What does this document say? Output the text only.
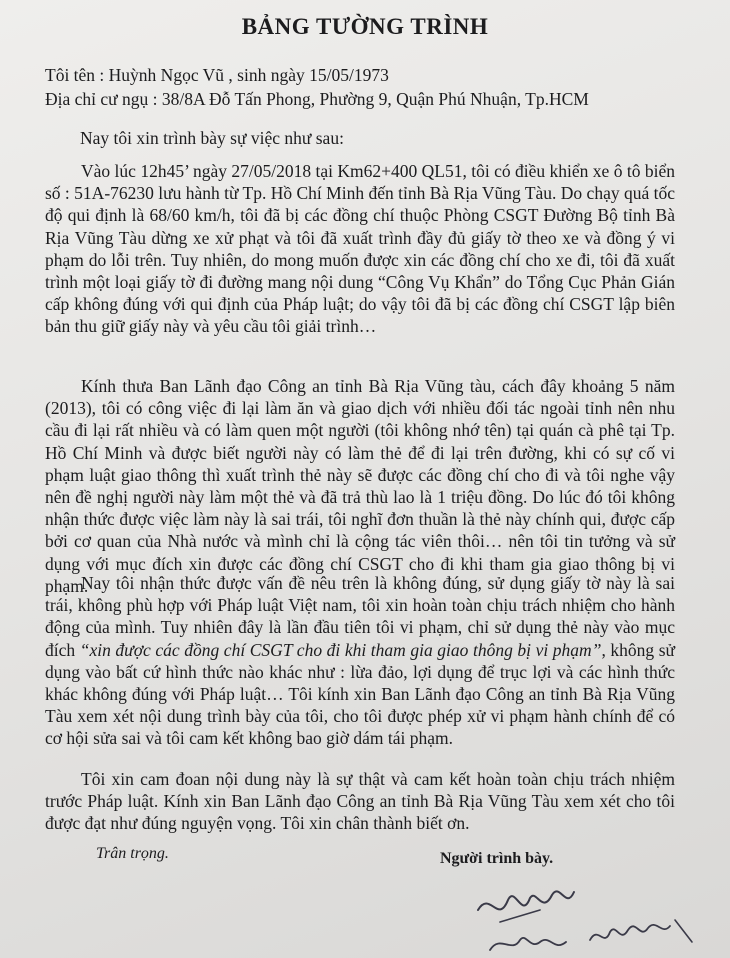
BẢNG TƯỜNG TRÌNH
Tôi tên : Huỳnh Ngọc Vũ , sinh ngày 15/05/1973
Địa chỉ cư ngụ : 38/8A Đỗ Tấn Phong, Phường 9, Quận Phú Nhuận, Tp.HCM
Nay tôi xin trình bày sự việc như sau:

Vào lúc 12h45’ ngày 27/05/2018 tại Km62+400 QL51, tôi có điều khiển xe ô tô biển số : 51A-76230 lưu hành từ Tp. Hồ Chí Minh đến tỉnh Bà Rịa Vũng Tàu. Do chạy quá tốc độ qui định là 68/60 km/h, tôi đã bị các đồng chí thuộc Phòng CSGT Đường Bộ tỉnh Bà Rịa Vũng Tàu dừng xe xử phạt và tôi đã xuất trình đầy đủ giấy tờ theo xe và đồng ý vi phạm do lỗi trên. Tuy nhiên, do mong muốn được xin các đồng chí cho xe đi, tôi đã xuất trình một loại giấy tờ đi đường mang nội dung “Công Vụ Khẩn” do Tổng Cục Phản Gián cấp không đúng với qui định của Pháp luật; do vậy tôi đã bị các đồng chí CSGT lập biên bản thu giữ giấy này và yêu cầu tôi giải trình…

Kính thưa Ban Lãnh đạo Công an tỉnh Bà Rịa Vũng tàu, cách đây khoảng 5 năm (2013), tôi có công việc đi lại làm ăn và giao dịch với nhiều đối tác ngoài tỉnh nên nhu cầu đi lại rất nhiều và có làm quen một người (tôi không nhớ tên) tại quán cà phê tại Tp. Hồ Chí Minh và được biết người này có làm thẻ để đi lại trên đường, khi có sự cố vi phạm luật giao thông thì xuất trình thẻ này sẽ được các đồng chí cho đi và tôi nghe vậy nên đề nghị người này làm một thẻ và đã trả thù lao là 1 triệu đồng. Do lúc đó tôi không nhận thức được việc làm này là sai trái, tôi nghĩ đơn thuần là thẻ này chính qui, được cấp bởi cơ quan của Nhà nước và mình chỉ là cộng tác viên thôi… nên tôi tin tưởng và sử dụng với mục đích xin được các đồng chí CSGT cho đi khi tham gia giao thông bị vi phạm.

Nay tôi nhận thức được vấn đề nêu trên là không đúng, sử dụng giấy tờ này là sai trái, không phù hợp với Pháp luật Việt nam, tôi xin hoàn toàn chịu trách nhiệm cho hành động của mình. Tuy nhiên đây là lần đầu tiên tôi vi phạm, chỉ sử dụng thẻ này vào mục đích “xin được các đồng chí CSGT cho đi khi tham gia giao thông bị vi phạm”, không sử dụng vào bất cứ hình thức nào khác như : lừa đảo, lợi dụng để trục lợi và các hình thức khác không đúng với Pháp luật… Tôi kính xin Ban Lãnh đạo Công an tỉnh Bà Rịa Vũng Tàu xem xét nội dung trình bày của tôi, cho tôi được phép xử vi phạm hành chính để có cơ hội sửa sai và tôi cam kết không bao giờ dám tái phạm.

Tôi xin cam đoan nội dung này là sự thật và cam kết hoàn toàn chịu trách nhiệm trước Pháp luật. Kính xin Ban Lãnh đạo Công an tỉnh Bà Rịa Vũng Tàu xem xét cho tôi được đạt như đúng nguyện vọng. Tôi xin chân thành biết ơn.

Trân trọng.	Người trình bày.
